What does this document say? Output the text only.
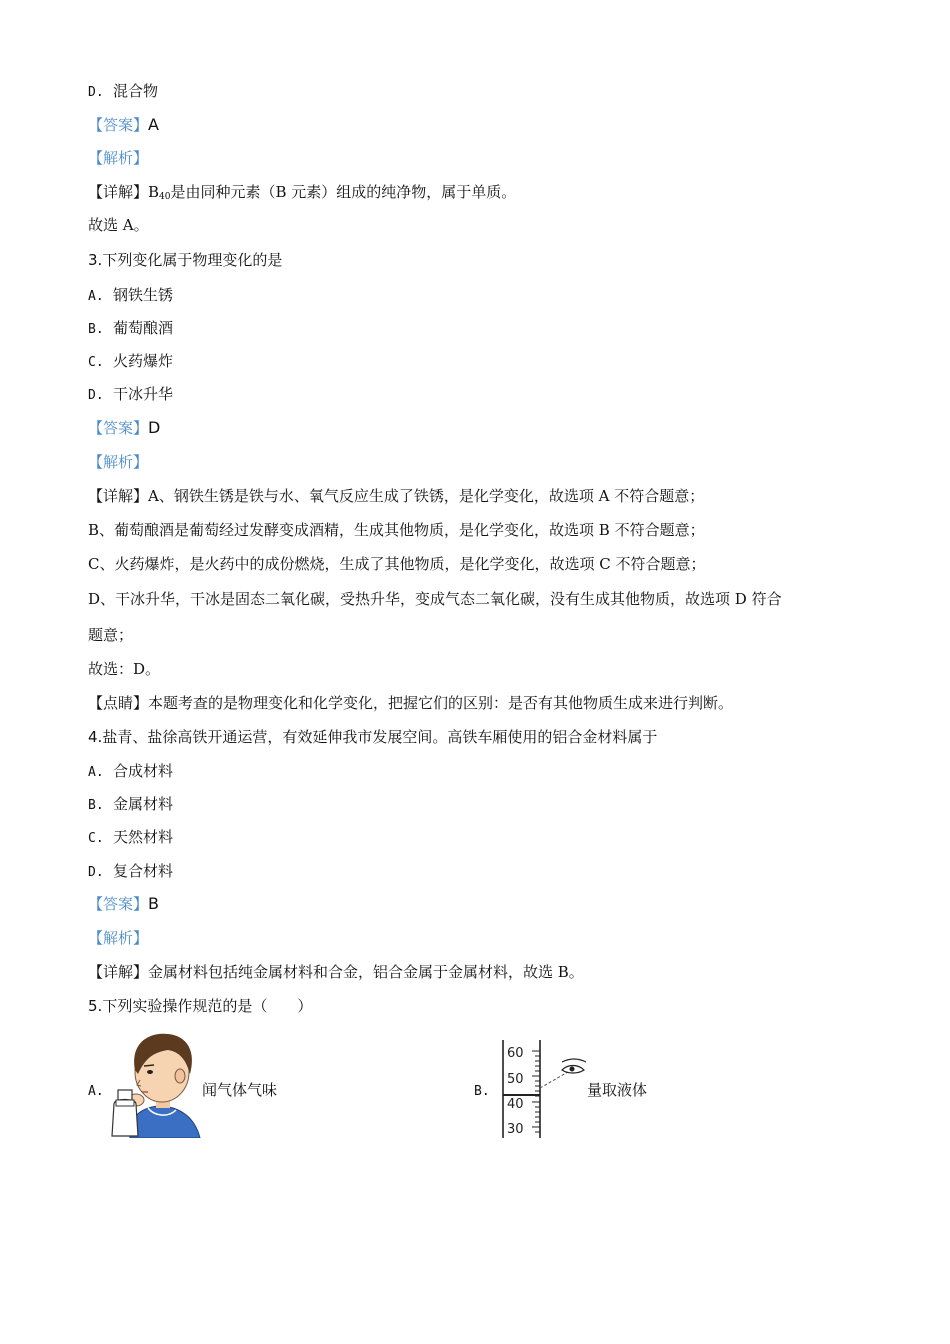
D. 混合物
【答案】A
【解析】
【详解】$B_{40}$是由同种元素（B 元素）组成的纯净物，属于单质。
故选 A。
3.下列变化属于物理变化的是
A. 钢铁生锈
B. 葡萄酿酒
C. 火药爆炸
D. 干冰升华
【答案】D
【解析】
【详解】A、钢铁生锈是铁与水、氧气反应生成了铁锈，是化学变化，故选项 A 不符合题意；
B、葡萄酿酒是葡萄经过发酵变成酒精，生成其他物质，是化学变化，故选项 B 不符合题意；
C、火药爆炸，是火药中的成份燃烧，生成了其他物质，是化学变化，故选项 C 不符合题意；
D、干冰升华，干冰是固态二氧化碳，受热升华，变成气态二氧化碳，没有生成其他物质，故选项 D 符合
题意；
故选：D。
【点睛】本题考查的是物理变化和化学变化，把握它们的区别：是否有其他物质生成来进行判断。
4.盐青、盐徐高铁开通运营，有效延伸我市发展空间。高铁车厢使用的铝合金材料属于
A. 合成材料
B. 金属材料
C. 天然材料
D. 复合材料
【答案】B
【解析】
【详解】金属材料包括纯金属材料和合金，铝合金属于金属材料，故选 B。
5.下列实验操作规范的是（　　）
A.	闻气体气味	B.
60
50
40
30
量取液体
